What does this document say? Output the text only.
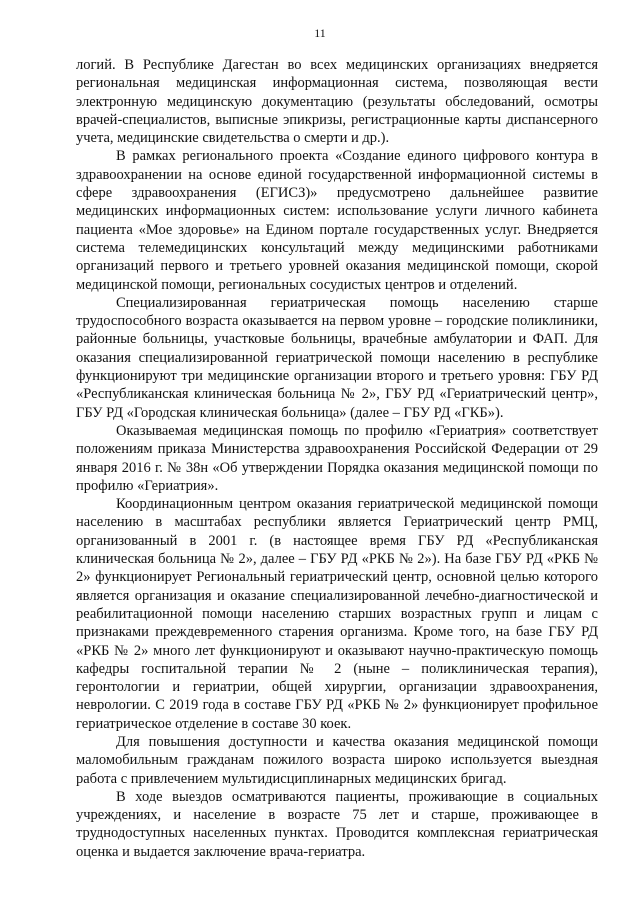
11

логий. В Республике Дагестан во всех медицинских организациях внедряется региональная медицинская информационная система, позволяющая вести электронную медицинскую документацию (результаты обследований, осмотры врачей-специалистов, выписные эпикризы, регистрационные карты диспансерного учета, медицинские свидетельства о смерти и др.).

В рамках регионального проекта «Создание единого цифрового контура в здравоохранении на основе единой государственной информационной системы в сфере здравоохранения (ЕГИСЗ)» предусмотрено дальнейшее развитие медицинских информационных систем: использование услуги личного кабинета пациента «Мое здоровье» на Едином портале государственных услуг. Внедряется система телемедицинских консультаций между медицинскими работниками организаций первого и третьего уровней оказания медицинской помощи, скорой медицинской помощи, региональных сосудистых центров и отделений.

Специализированная гериатрическая помощь населению старше трудоспособного возраста оказывается на первом уровне – городские поликлиники, районные больницы, участковые больницы, врачебные амбулатории и ФАП. Для оказания специализированной гериатрической помощи населению в республике функционируют три медицинские организации второго и третьего уровня: ГБУ РД «Республиканская клиническая больница № 2», ГБУ РД «Гериатрический центр», ГБУ РД «Городская клиническая больница» (далее – ГБУ РД «ГКБ»).

Оказываемая медицинская помощь по профилю «Гериатрия» соответствует положениям приказа Министерства здравоохранения Российской Федерации от 29 января 2016 г. № 38н «Об утверждении Порядка оказания медицинской помощи по профилю «Гериатрия».

Координационным центром оказания гериатрической медицинской помощи населению в масштабах республики является Гериатрический центр РМЦ, организованный в 2001 г. (в настоящее время ГБУ РД «Республиканская клиническая больница № 2», далее – ГБУ РД «РКБ № 2»). На базе ГБУ РД «РКБ № 2» функционирует Региональный гериатрический центр, основной целью которого является организация и оказание специализированной лечебно-диагностической и реабилитационной помощи населению старших возрастных групп и лицам с признаками преждевременного старения организма. Кроме того, на базе ГБУ РД «РКБ № 2» много лет функционируют и оказывают научно-практическую помощь кафедры госпитальной терапии № 2 (ныне – поликлиническая терапия), геронтологии и гериатрии, общей хирургии, организации здравоохранения, неврологии. С 2019 года в составе ГБУ РД «РКБ № 2» функционирует профильное гериатрическое отделение в составе 30 коек.

Для повышения доступности и качества оказания медицинской помощи маломобильным гражданам пожилого возраста широко используется выездная работа с привлечением мультидисциплинарных медицинских бригад.

В ходе выездов осматриваются пациенты, проживающие в социальных учреждениях, и население в возрасте 75 лет и старше, проживающее в труднодоступных населенных пунктах. Проводится комплексная гериатрическая оценка и выдается заключение врача-гериатра.
